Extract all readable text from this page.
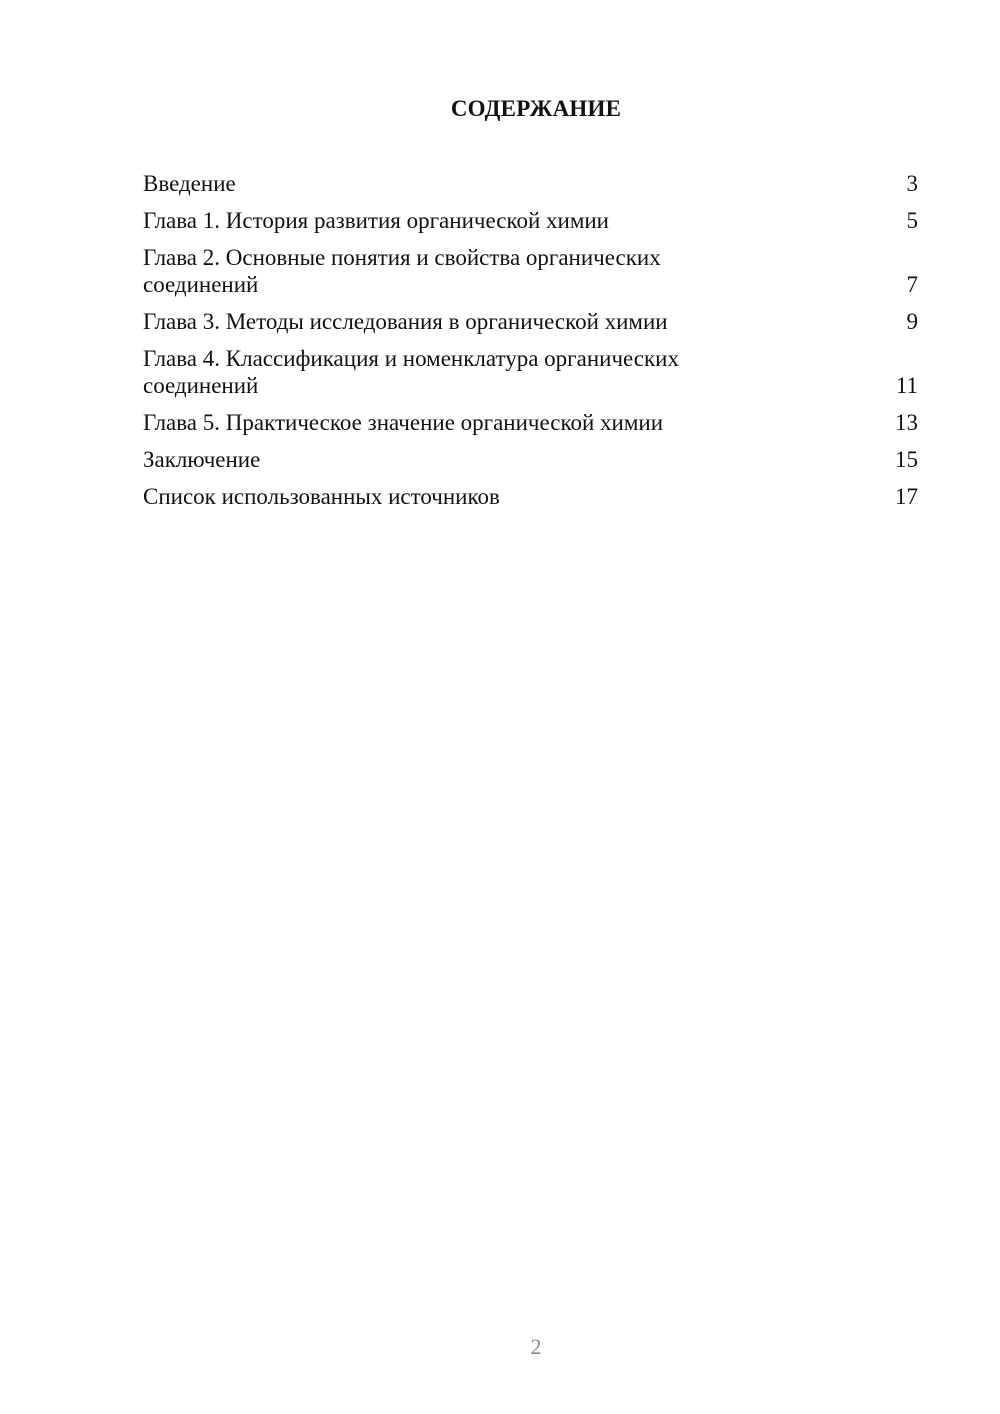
СОДЕРЖАНИЕ
Введение	3
Глава 1. История развития органической химии	5
Глава 2. Основные понятия и свойства органических соединений	7
Глава 3. Методы исследования в органической химии	9
Глава 4. Классификация и номенклатура органических соединений	11
Глава 5. Практическое значение органической химии	13
Заключение	15
Список использованных источников	17
2
